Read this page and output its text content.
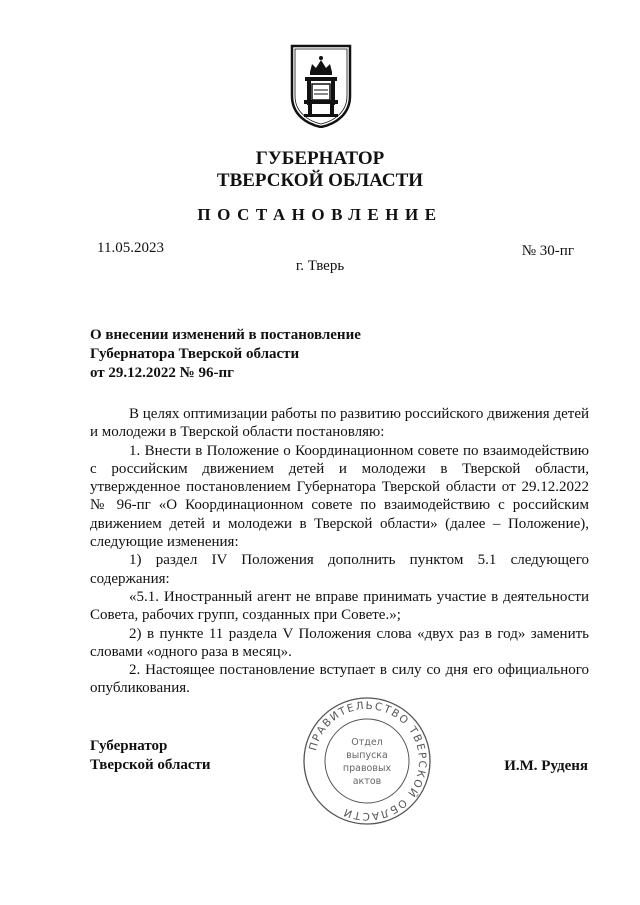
ГУБЕРНАТОР
ТВЕРСКОЙ ОБЛАСТИ
ПОСТАНОВЛЕНИЕ
11.05.2023	№ 30-пг
г. Тверь
О внесении изменений в постановление
Губернатора Тверской области
от 29.12.2022 № 96-пг

В целях оптимизации работы по развитию российского движения детей и молодежи в Тверской области постановляю:

1. Внести в Положение о Координационном совете по взаимодействию с российским движением детей и молодежи в Тверской области, утвержденное постановлением Губернатора Тверской области от 29.12.2022 № 96-пг «О Координационном совете по взаимодействию с российским движением детей и молодежи в Тверской области» (далее – Положение), следующие изменения:

1) раздел IV Положения дополнить пунктом 5.1 следующего содержания:

«5.1. Иностранный агент не вправе принимать участие в деятельности Совета, рабочих групп, созданных при Совете.»;

2) в пункте 11 раздела V Положения слова «двух раз в год» заменить словами «одного раза в месяц».

2. Настоящее постановление вступает в силу со дня его официального опубликования.

Губернатор
Тверской области	И.М. Руденя
ПРАВИТЕЛЬСТВО ТВЕРСКОЙ ОБЛАСТИ
Отдел
выпуска
правовых
актов
